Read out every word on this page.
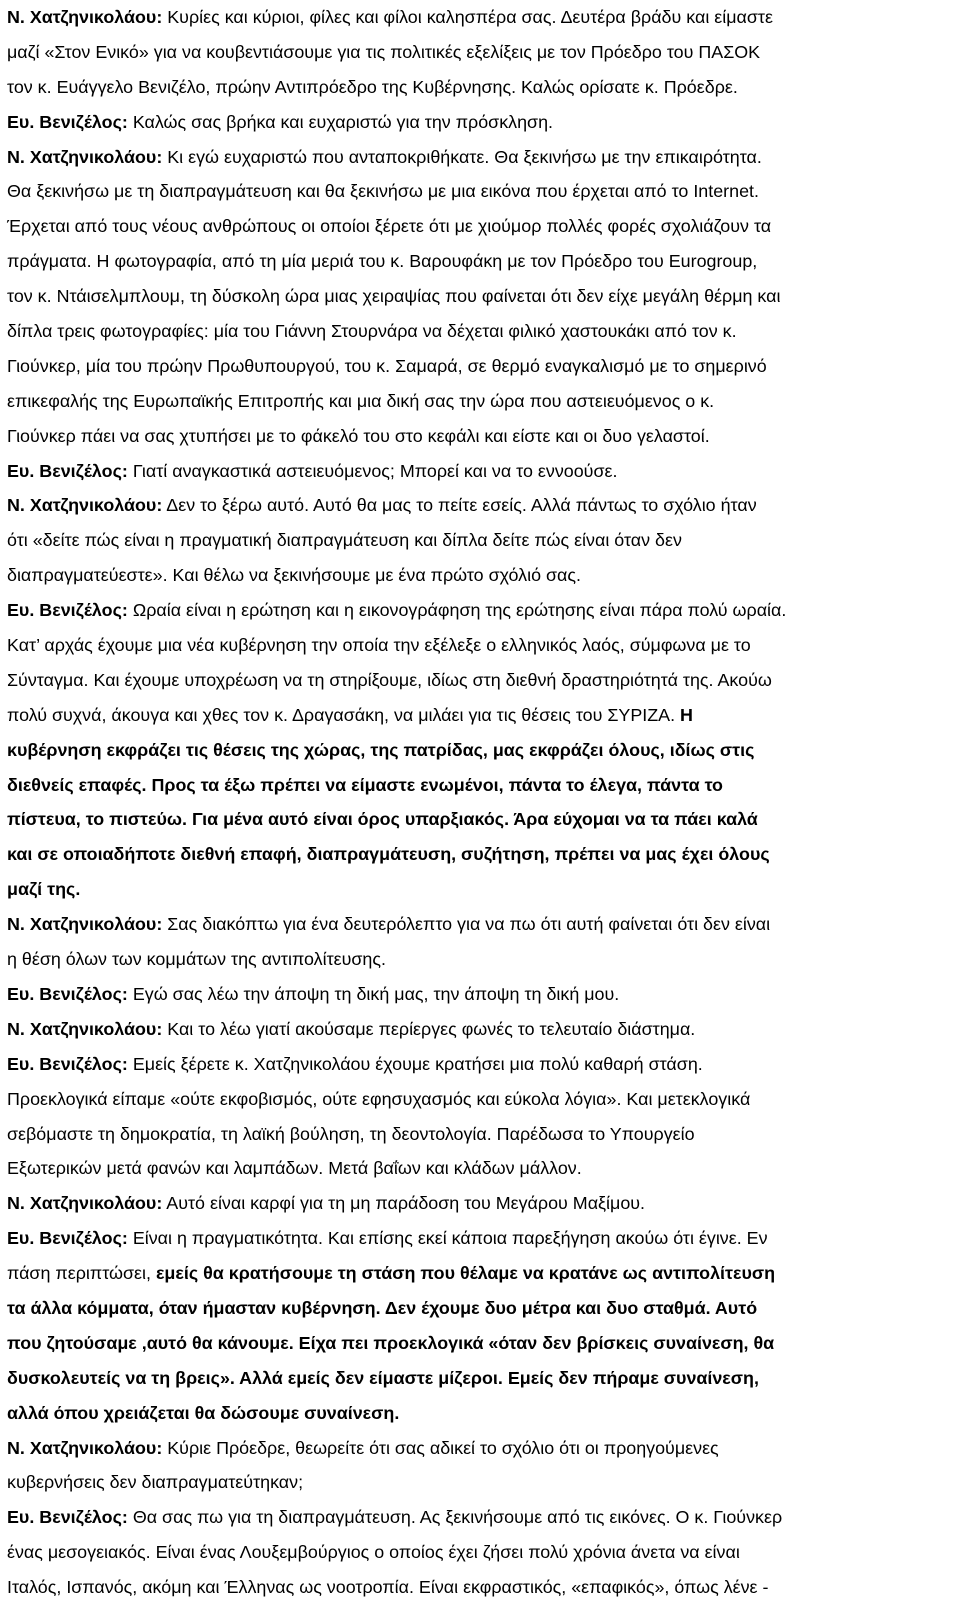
Ν. Χατζηνικολάου: Κυρίες και κύριοι, φίλες και φίλοι καλησπέρα σας. Δευτέρα βράδυ και είμαστε
μαζί «Στον Ενικό» για να κουβεντιάσουμε για τις πολιτικές εξελίξεις με τον Πρόεδρο του ΠΑΣΟΚ
τον κ. Ευάγγελο Βενιζέλο, πρώην Αντιπρόεδρο της Κυβέρνησης. Καλώς ορίσατε κ. Πρόεδρε.
Ευ. Βενιζέλος: Καλώς σας βρήκα και ευχαριστώ για την πρόσκληση.
Ν. Χατζηνικολάου: Κι εγώ ευχαριστώ που ανταποκριθήκατε. Θα ξεκινήσω με την επικαιρότητα.
Θα ξεκινήσω με τη διαπραγμάτευση και θα ξεκινήσω με μια εικόνα που έρχεται από το Internet.
Έρχεται από τους νέους ανθρώπους οι οποίοι ξέρετε ότι με χιούμορ πολλές φορές σχολιάζουν τα
πράγματα. Η φωτογραφία, από τη μία μεριά του κ. Βαρουφάκη με τον Πρόεδρο του Eurogroup,
τον κ. Ντάισελμπλουμ, τη δύσκολη ώρα μιας χειραψίας που φαίνεται ότι δεν είχε μεγάλη θέρμη και
δίπλα τρεις φωτογραφίες: μία του Γιάννη Στουρνάρα να δέχεται φιλικό χαστουκάκι από τον κ.
Γιούνκερ, μία του πρώην Πρωθυπουργού, του κ. Σαμαρά, σε θερμό εναγκαλισμό με το σημερινό
επικεφαλής της Ευρωπαϊκής Επιτροπής και μια δική σας την ώρα που αστειευόμενος ο κ.
Γιούνκερ πάει να σας χτυπήσει με το φάκελό του στο κεφάλι και είστε και οι δυο γελαστοί.
Ευ. Βενιζέλος: Γιατί αναγκαστικά αστειευόμενος; Μπορεί και να το εννοούσε.
Ν. Χατζηνικολάου: Δεν το ξέρω αυτό. Αυτό θα μας το πείτε εσείς. Αλλά πάντως το σχόλιο ήταν
ότι «δείτε πώς είναι η πραγματική διαπραγμάτευση και δίπλα δείτε πώς είναι όταν δεν
διαπραγματεύεστε». Και θέλω να ξεκινήσουμε με ένα πρώτο σχόλιό σας.
Ευ. Βενιζέλος: Ωραία είναι η ερώτηση και η εικονογράφηση της ερώτησης είναι πάρα πολύ ωραία.
Κατ’ αρχάς έχουμε μια νέα κυβέρνηση την οποία την εξέλεξε ο ελληνικός λαός, σύμφωνα με το
Σύνταγμα. Και έχουμε υποχρέωση να τη στηρίξουμε, ιδίως στη διεθνή δραστηριότητά της. Ακούω
πολύ συχνά, άκουγα και χθες τον κ. Δραγασάκη, να μιλάει για τις θέσεις του ΣΥΡΙΖΑ. Η
κυβέρνηση εκφράζει τις θέσεις της χώρας, της πατρίδας, μας εκφράζει όλους, ιδίως στις
διεθνείς επαφές. Προς τα έξω πρέπει να είμαστε ενωμένοι, πάντα το έλεγα, πάντα το
πίστευα, το πιστεύω. Για μένα αυτό είναι όρος υπαρξιακός. Άρα εύχομαι να τα πάει καλά
και σε οποιαδήποτε διεθνή επαφή, διαπραγμάτευση, συζήτηση, πρέπει να μας έχει όλους
μαζί της.
Ν. Χατζηνικολάου: Σας διακόπτω για ένα δευτερόλεπτο για να πω ότι αυτή φαίνεται ότι δεν είναι
η θέση όλων των κομμάτων της αντιπολίτευσης.
Ευ. Βενιζέλος: Εγώ σας λέω την άποψη τη δική μας, την άποψη τη δική μου.
Ν. Χατζηνικολάου: Και το λέω γιατί ακούσαμε περίεργες φωνές το τελευταίο διάστημα.
Ευ. Βενιζέλος: Εμείς ξέρετε κ. Χατζηνικολάου έχουμε κρατήσει μια πολύ καθαρή στάση.
Προεκλογικά είπαμε «ούτε εκφοβισμός, ούτε εφησυχασμός και εύκολα λόγια». Και μετεκλογικά
σεβόμαστε τη δημοκρατία, τη λαϊκή βούληση, τη δεοντολογία. Παρέδωσα το Υπουργείο
Εξωτερικών μετά φανών και λαμπάδων. Μετά βαΐων και κλάδων μάλλον.
Ν. Χατζηνικολάου: Αυτό είναι καρφί για τη μη παράδοση του Μεγάρου Μαξίμου.
Ευ. Βενιζέλος: Είναι η πραγματικότητα. Και επίσης εκεί κάποια παρεξήγηση ακούω ότι έγινε. Εν
πάση περιπτώσει, εμείς θα κρατήσουμε τη στάση που θέλαμε να κρατάνε ως αντιπολίτευση
τα άλλα κόμματα, όταν ήμασταν κυβέρνηση. Δεν έχουμε δυο μέτρα και δυο σταθμά. Αυτό
που ζητούσαμε ,αυτό θα κάνουμε. Είχα πει προεκλογικά «όταν δεν βρίσκεις συναίνεση, θα
δυσκολευτείς να τη βρεις». Αλλά εμείς δεν είμαστε μίζεροι. Εμείς δεν πήραμε συναίνεση,
αλλά όπου χρειάζεται θα δώσουμε συναίνεση.
Ν. Χατζηνικολάου: Κύριε Πρόεδρε, θεωρείτε ότι σας αδικεί το σχόλιο ότι οι προηγούμενες
κυβερνήσεις δεν διαπραγματεύτηκαν;
Ευ. Βενιζέλος: Θα σας πω για τη διαπραγμάτευση. Ας ξεκινήσουμε από τις εικόνες. Ο κ. Γιούνκερ
ένας μεσογειακός. Είναι ένας Λουξεμβούργιος ο οποίος έχει ζήσει πολύ χρόνια άνετα να είναι
Ιταλός, Ισπανός, ακόμη και Έλληνας ως νοοτροπία. Είναι εκφραστικός, «επαφικός», όπως λένε -
